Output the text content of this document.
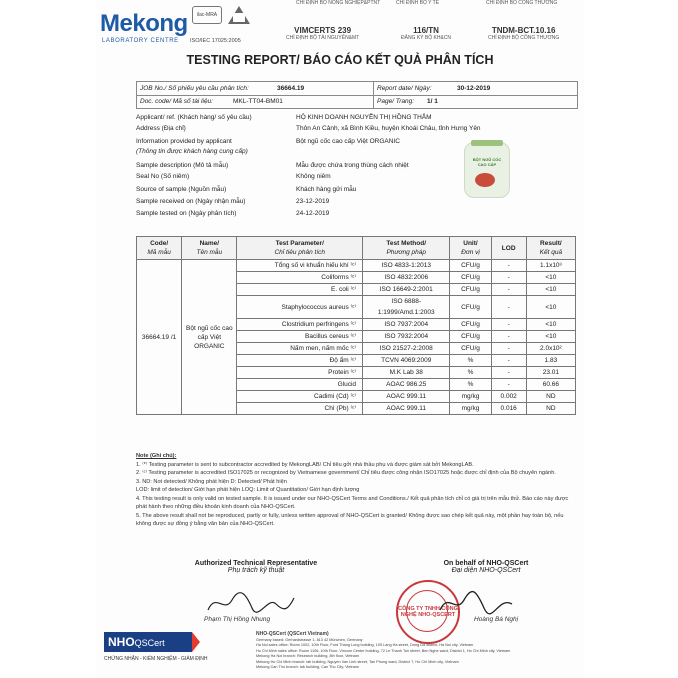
Mekong
LABORATORY CENTRE
ilac-MRA
ISO/IEC 17025:2005
CHỈ ĐỊNH BỘ NÔNG NGHIỆP&PTNT	CHỈ ĐỊNH BỘ Y TẾ	CHỈ ĐỊNH BỘ CÔNG THƯƠNG
VIMCERTS 239
CHỈ ĐỊNH BỘ TÀI NGUYÊN&MT
116/TN
ĐĂNG KÝ BỘ KH&CN
TNDM-BCT.10.16
CHỈ ĐỊNH BỘ CÔNG THƯƠNG
TESTING REPORT/ BÁO CÁO KẾT QUẢ PHÂN TÍCH
JOB No./ Số phiếu yêu cầu phân tích:	36664.19	Report date/ Ngày:	30-12-2019
Doc. code/ Mã số tài liệu:	MKL-TT04-BM01	Page/ Trang: 1/ 1
Applicant/ ref. (Khách hàng/ số yêu cầu)	HỘ KINH DOANH NGUYỄN THỊ HỒNG THẮM
Address (Địa chỉ)	Thôn An Cảnh, xã Bình Kiều, huyện Khoái Châu, tỉnh Hưng Yên
Information provided by applicant	Bột ngũ cốc cao cấp Việt ORGANIC
(Thông tin được khách hàng cung cấp)
Sample description (Mô tả mẫu)	Mẫu được chứa trong thùng cách nhiệt
Seal No (Số niêm)	Không niêm
Source of sample (Nguồn mẫu)	Khách hàng gửi mẫu
Sample received on (Ngày nhận mẫu)	23-12-2019
Sample tested on (Ngày phân tích)	24-12-2019
BỘT NGŨ CỐC CAO CẤP
Code/
Mã mẫu	Name/
Tên mẫu	Test Parameter/
Chỉ tiêu phân tích	Test Method/
Phương pháp	Unit/
Đơn vị	LOD	Result/
Kết quả

36664.19 /1	Bột ngũ cốc cao cấp Việt ORGANIC	Tổng số vi khuẩn hiếu khí ⁽ᶜ⁾	ISO 4833-1:2013	CFU/g	-	1.1x10³
		Coliforms ⁽ᶜ⁾	ISO 4832:2006	CFU/g	-	<10
		E. coli ⁽ᶜ⁾	ISO 16649-2:2001	CFU/g	-	<10
		Staphylococcus aureus ⁽ᶜ⁾	ISO 6888-1:1999/Amd.1:2003	CFU/g	-	<10
		Clostridium perfringens ⁽ᶜ⁾	ISO 7937:2004	CFU/g	-	<10
		Bacillus cereus ⁽ᶜ⁾	ISO 7932:2004	CFU/g	-	<10
		Nấm men, nấm mốc ⁽ᶜ⁾	ISO 21527-2:2008	CFU/g	-	2.0x10²
		Độ ẩm ⁽ᶜ⁾	TCVN 4069:2009	%	-	1.83
		Protein ⁽ᶜ⁾	M.K Lab 38	%	-	23.01
		Glucid	AOAC 986.25	%	-	60.66
		Cadimi (Cd) ⁽ᶜ⁾	AOAC 999.11	mg/kg	0.002	ND
		Chì (Pb) ⁽ᶜ⁾	AOAC 999.11	mg/kg	0.016	ND
Note (Ghi chú):
1. ⁽*⁾ Testing parameter is sent to subcontractor accredited by MekongLAB/ Chỉ tiêu gởi nhà thầu phụ và được giám sát bởi MekongLAB.
2. ⁽ᶜ⁾ Testing parameter is accredited ISO17025 or recognized by Vietnamese government/ Chỉ tiêu được công nhận ISO17025 hoặc được chỉ định của Bộ chuyên ngành.
3. ND: Not detected/ Không phát hiện D: Detected/ Phát hiện
LOD: limit of detection/ Giới hạn phát hiện LOQ: Limit of Quantitation/ Giới hạn định lượng
4. This testing result is only valid on tested sample. It is issued under our NHO-QSCert Terms and Conditions./ Kết quả phân tích chỉ có giá trị trên mẫu thử. Báo cáo này được phát hành theo những điều khoản kinh doanh của NHO-QSCert.
5. The above result shall not be reproduced, partly or fully, unless written approval of NHO-QSCert is granted/ Không được sao chép kết quả này, một phần hay toàn bộ, nếu không được sự đồng ý bằng văn bản của NHO-QSCert.
Authorized Technical Representative
Phụ trách kỹ thuật
Phạm Thị Hồng Nhung
On behalf of NHO-QSCert
Đại diện NHO-QSCert
CÔNG TY TNHH CÔNG NGHỆ NHO-QSCERT
Hoàng Bá Nghị
NHOQSCert
CHỨNG NHẬN - KIỂM NGHIỆM - GIÁM ĐỊNH
NHO-QSCert (QSCert Vietnam)
Germany based: Gerhardstrasse 1, 813 42 München, Germany
Ha Noi sales office: Room 1002, 10th Floor, Ford Thang Long building, 105 Lang Ha street, Dong Da district, Ha Noi city, Vietnam
Ho Chi Minh sales office: Room 1106, 10th Floor, Vincom Center building, 72 Le Thanh Ton street, Ben Nghe ward, District 1, Ho Chi Minh city, Vietnam
Mekong Ha Noi branch: Research building, 8th floor, Vietnam
Mekong Ho Chi Minh branch: lab building, Nguyen Van Linh street, Tan Phong ward, District 7, Ho Chi Minh city, Vietnam
Mekong Can Tho branch: lab building, Can Tho City, Vietnam
